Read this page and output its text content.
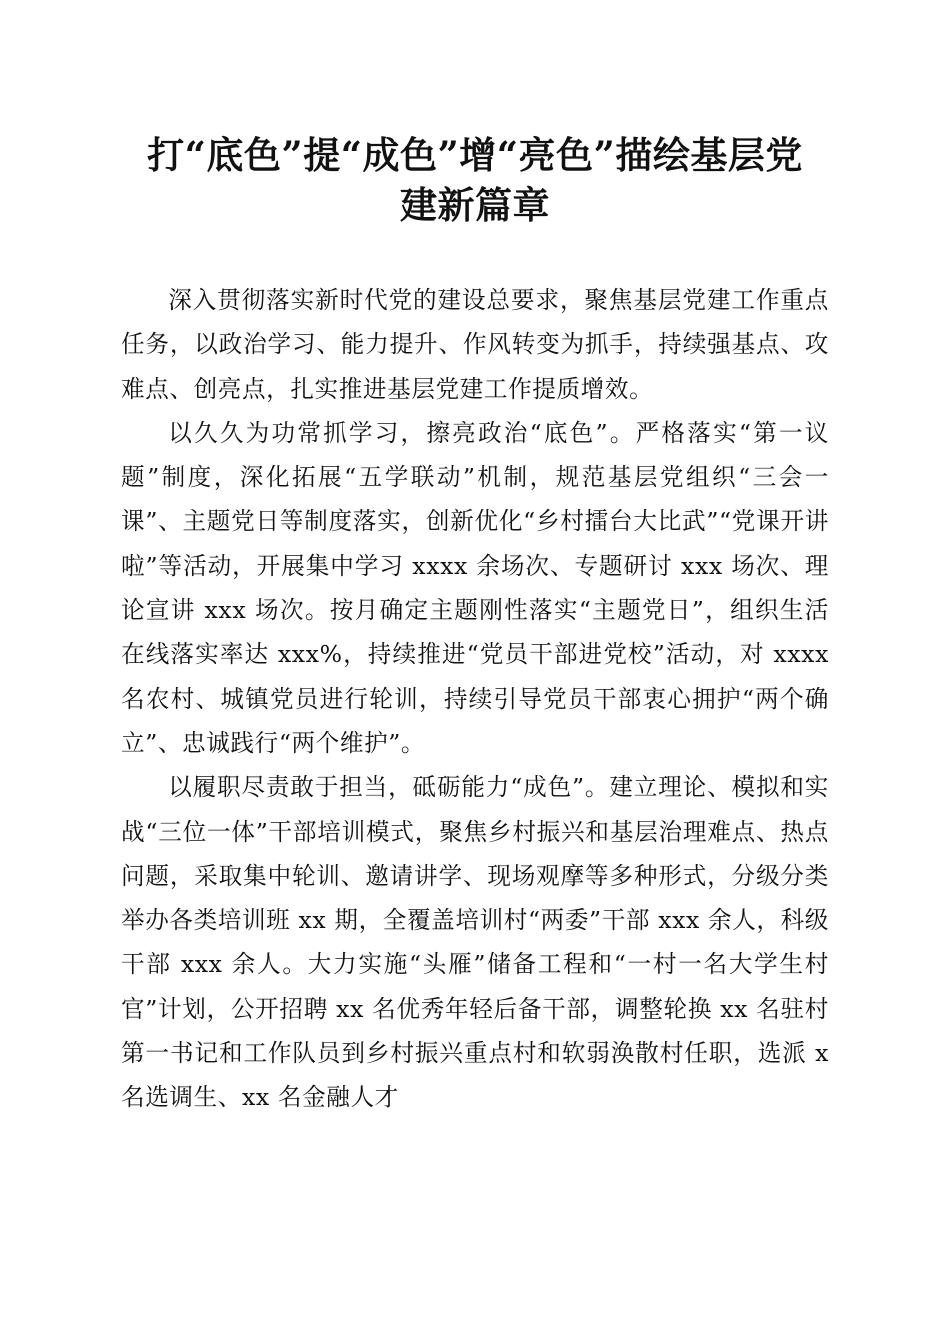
打“底色”提“成色”增“亮色”描绘基层党
建新篇章

深入贯彻落实新时代党的建设总要求，聚焦基层党建工作重点任务，以政治学习、能力提升、作风转变为抓手，持续强基点、攻难点、创亮点，扎实推进基层党建工作提质增效。

以久久为功常抓学习，擦亮政治“底色”。严格落实“第一议题”制度，深化拓展“五学联动”机制，规范基层党组织“三会一课”、主题党日等制度落实，创新优化“乡村擂台大比武”“党课开讲啦”等活动，开展集中学习 xxxx 余场次、专题研讨 xxx 场次、理论宣讲 xxx 场次。按月确定主题刚性落实“主题党日”，组织生活在线落实率达 xxx%，持续推进“党员干部进党校”活动，对 xxxx 名农村、城镇党员进行轮训，持续引导党员干部衷心拥护“两个确立”、忠诚践行“两个维护”。

以履职尽责敢于担当，砥砺能力“成色”。建立理论、模拟和实战“三位一体”干部培训模式，聚焦乡村振兴和基层治理难点、热点问题，采取集中轮训、邀请讲学、现场观摩等多种形式，分级分类举办各类培训班 xx 期，全覆盖培训村“两委”干部 xxx 余人，科级干部 xxx 余人。大力实施“头雁”储备工程和“一村一名大学生村官”计划，公开招聘 xx 名优秀年轻后备干部，调整轮换 xx 名驻村第一书记和工作队员到乡村振兴重点村和软弱涣散村任职，选派 x 名选调生、xx 名金融人才
